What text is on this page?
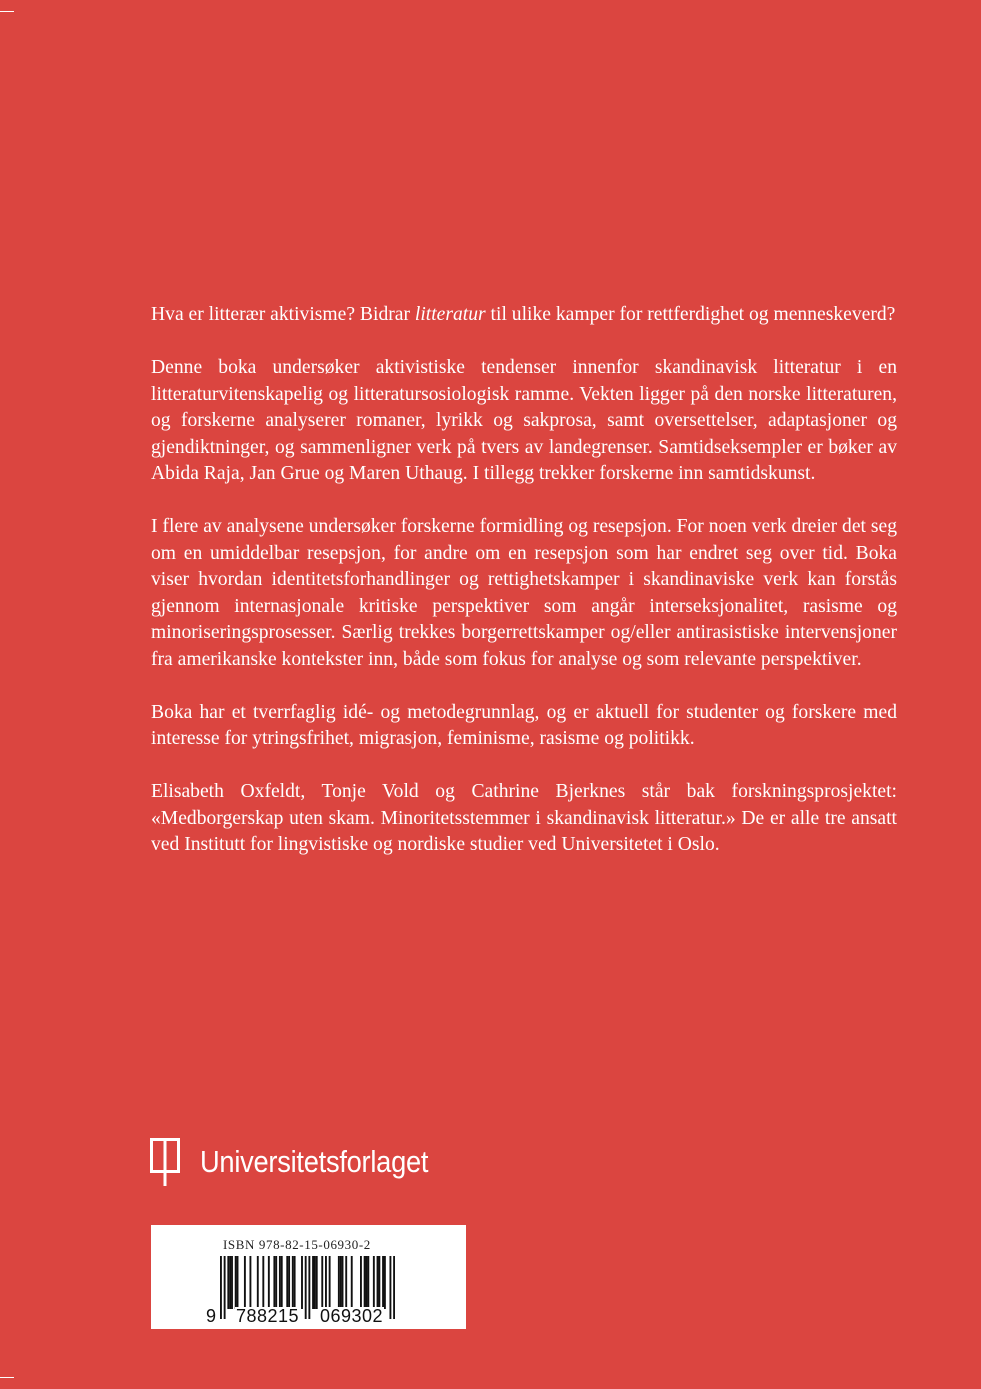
Hva er litterær aktivisme? Bidrar litteratur til ulike kamper for rettferdighet og menneskeverd?

Denne boka undersøker aktivistiske tendenser innenfor skandinavisk litteratur i en litteraturvitenskapelig og litteratursosiologisk ramme. Vekten ligger på den norske litteraturen, og forskerne analyserer romaner, lyrikk og sakprosa, samt oversettelser, adaptasjoner og gjendiktninger, og sammenligner verk på tvers av landegrenser. Samtidseksempler er bøker av Abida Raja, Jan Grue og Maren Uthaug. I tillegg trekker forskerne inn samtidskunst.

I flere av analysene undersøker forskerne formidling og resepsjon. For noen verk dreier det seg om en umiddelbar resepsjon, for andre om en resepsjon som har endret seg over tid. Boka viser hvordan identitetsforhandlinger og rettighetskamper i skandinaviske verk kan forstås gjennom internasjonale kritiske perspektiver som angår interseksjonalitet, rasisme og minoriseringsprosesser. Særlig trekkes borgerrettskamper og/eller antirasistiske intervensjoner fra amerikanske kontekster inn, både som fokus for analyse og som relevante perspektiver.

Boka har et tverrfaglig idé- og metodegrunnlag, og er aktuell for studenter og forskere med interesse for ytringsfrihet, migrasjon, feminisme, rasisme og politikk.

Elisabeth Oxfeldt, Tonje Vold og Cathrine Bjerknes står bak forskningsprosjektet: «Medborgerskap uten skam. Minoritetsstemmer i skandinavisk litteratur.» De er alle tre ansatt ved Institutt for lingvistiske og nordiske studier ved Universitetet i Oslo.

Universitetsforlaget
ISBN 978-82-15-06930-2
9 788215 069302
